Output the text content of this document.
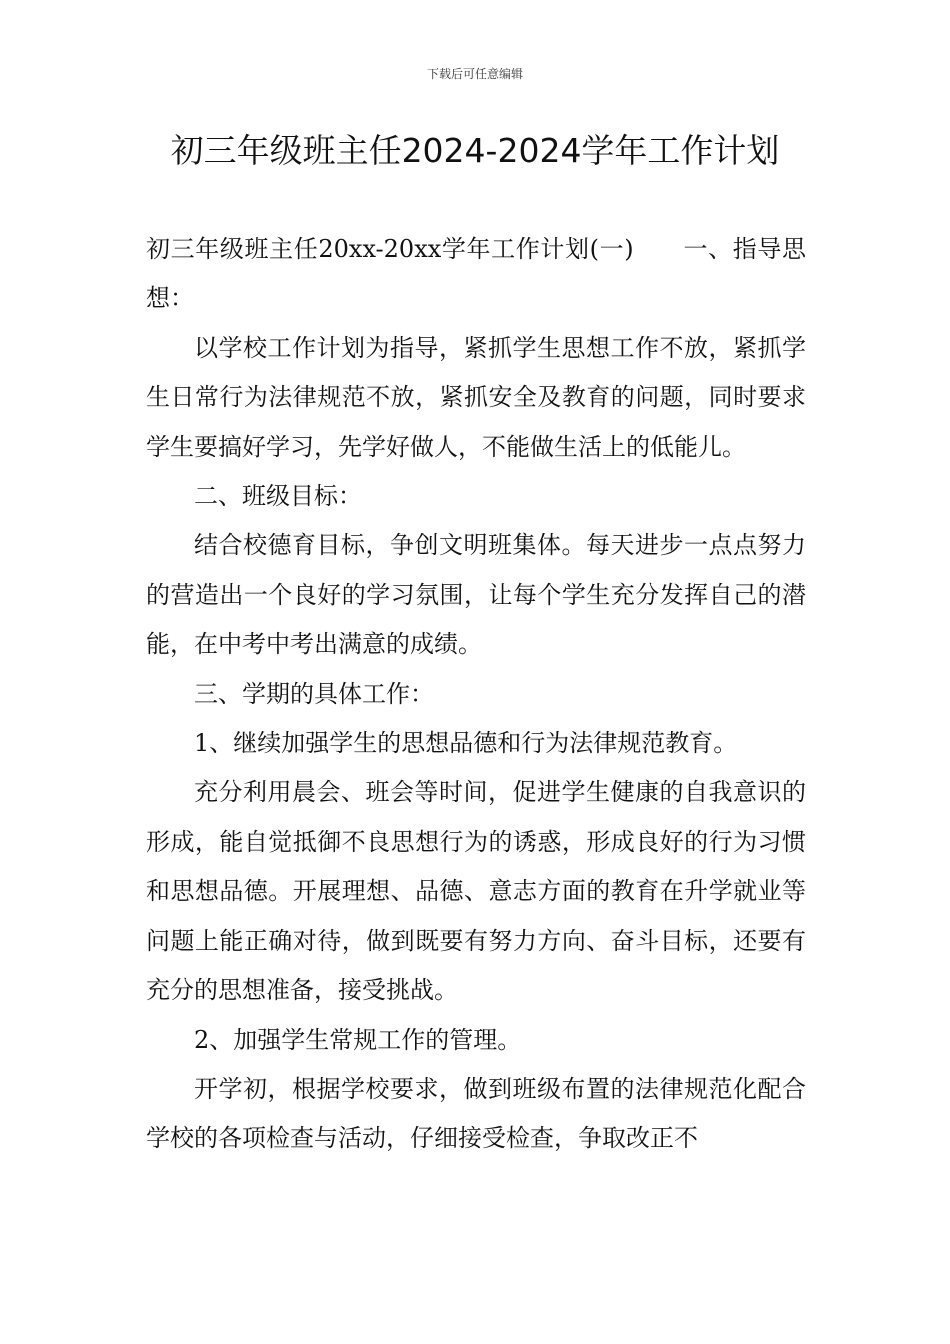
下载后可任意编辑
初三年级班主任2024-2024学年工作计划

初三年级班主任20xx-20xx学年工作计划(一)　　一、指导思想：

以学校工作计划为指导，紧抓学生思想工作不放，紧抓学生日常行为法律规范不放，紧抓安全及教育的问题，同时要求学生要搞好学习，先学好做人，不能做生活上的低能儿。

二、班级目标：

结合校德育目标，争创文明班集体。每天进步一点点努力的营造出一个良好的学习氛围，让每个学生充分发挥自己的潜能，在中考中考出满意的成绩。

三、学期的具体工作：

1、继续加强学生的思想品德和行为法律规范教育。

充分利用晨会、班会等时间，促进学生健康的自我意识的形成，能自觉抵御不良思想行为的诱惑，形成良好的行为习惯和思想品德。开展理想、品德、意志方面的教育在升学就业等问题上能正确对待，做到既要有努力方向、奋斗目标，还要有充分的思想准备，接受挑战。

2、加强学生常规工作的管理。

开学初，根据学校要求，做到班级布置的法律规范化配合学校的各项检查与活动，仔细接受检查，争取改正不
